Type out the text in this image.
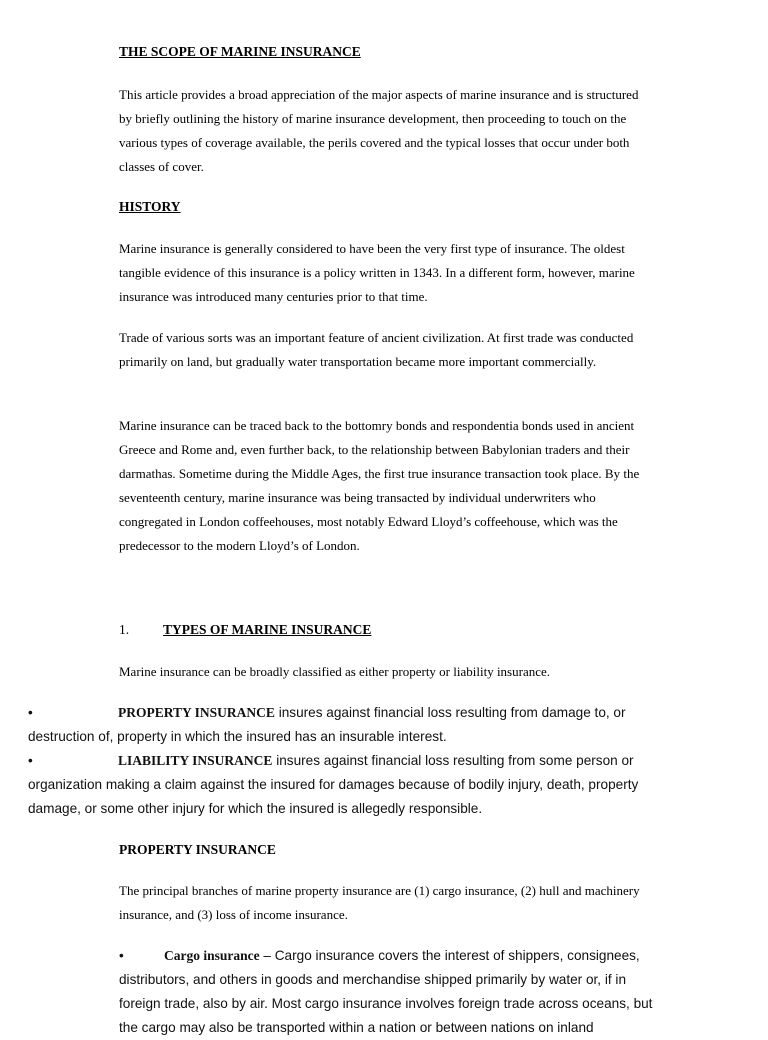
THE SCOPE OF MARINE INSURANCE

This article provides a broad appreciation of the major aspects of marine insurance and is structured by briefly outlining the history of marine insurance development, then proceeding to touch on the various types of coverage available, the perils covered and the typical losses that occur under both classes of cover.

HISTORY

Marine insurance is generally considered to have been the very first type of insurance. The oldest tangible evidence of this insurance is a policy written in 1343. In a different form, however, marine insurance was introduced many centuries prior to that time.

Trade of various sorts was an important feature of ancient civilization. At first trade was conducted primarily on land, but gradually water transportation became more important commercially.

Marine insurance can be traced back to the bottomry bonds and respondentia bonds used in ancient Greece and Rome and, even further back, to the relationship between Babylonian traders and their darmathas. Sometime during the Middle Ages, the first true insurance transaction took place. By the seventeenth century, marine insurance was being transacted by individual underwriters who congregated in London coffeehouses, most notably Edward Lloyd’s coffeehouse, which was the predecessor to the modern Lloyd’s of London.

1.	TYPES OF MARINE INSURANCE

Marine insurance can be broadly classified as either property or liability insurance.

•	PROPERTY INSURANCE insures against financial loss resulting from damage to, or destruction of, property in which the insured has an insurable interest.

•	LIABILITY INSURANCE insures against financial loss resulting from some person or organization making a claim against the insured for damages because of bodily injury, death, property damage, or some other injury for which the insured is allegedly responsible.

PROPERTY INSURANCE

The principal branches of marine property insurance are (1) cargo insurance, (2) hull and machinery insurance, and (3) loss of income insurance.

•	Cargo insurance – Cargo insurance covers the interest of shippers, consignees, distributors, and others in goods and merchandise shipped primarily by water or, if in foreign trade, also by air. Most cargo insurance involves foreign trade across oceans, but the cargo may also be transported within a nation or between nations on inland
